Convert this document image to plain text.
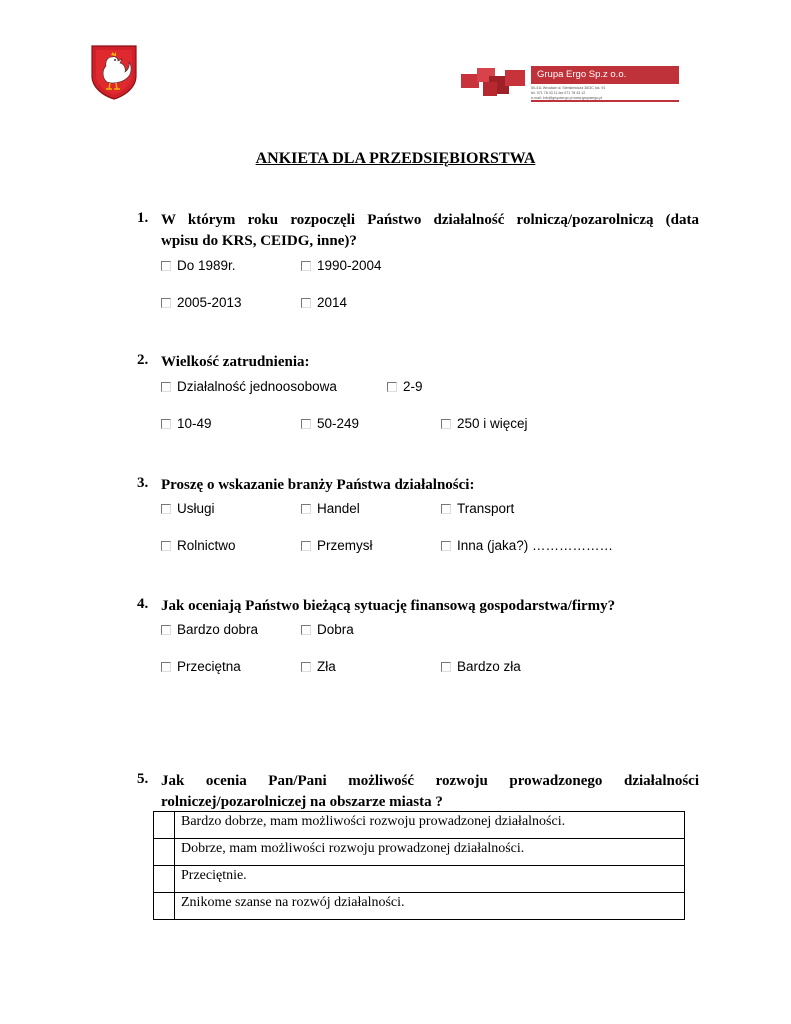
Grupa Ergo Sp.z o.o.
50-411 Wrocław ul. Sienkiewicza 38/3C lok. 91
tel. 071 78 43 11 fax 071 78 43 12
e-mail: info@grupaergo.pl www.grupaergo.pl
ANKIETA DLA PRZEDSIĘBIORSTWA
1. W którym roku rozpoczęli Państwo działalność rolniczą/pozarolniczą (data
wpisu do KRS, CEIDG, inne)?
Do 1989r.	1990-2004
2005-2013	2014
2. Wielkość zatrudnienia:
Działalność jednoosobowa	2-9
10-49	50-249	250 i więcej
3. Proszę o wskazanie branży Państwa działalności:
Usługi	Handel	Transport
Rolnictwo	Przemysł	Inna (jaka?) ………………
4. Jak oceniają Państwo bieżącą sytuację finansową gospodarstwa/firmy?
Bardzo dobra	Dobra
Przeciętna	Zła	Bardzo zła
5. Jak ocenia Pan/Pani możliwość rozwoju prowadzonego działalności
rolniczej/pozarolniczej na obszarze miasta ?
	Bardzo dobrze, mam możliwości rozwoju prowadzonej działalności.
	Dobrze, mam możliwości rozwoju prowadzonej działalności.
	Przeciętnie.
	Znikome szanse na rozwój działalności.
